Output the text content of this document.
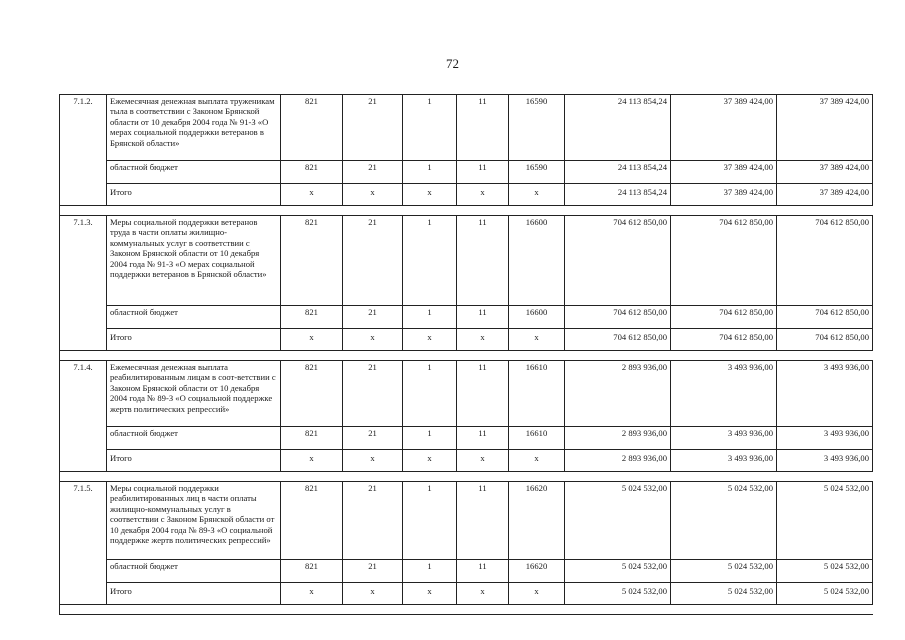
72
7.1.2.	Ежемесячная денежная выплата труженикам тыла в соответствии с Законом Брянской области от 10 декабря 2004 года № 91-З «О мерах социальной поддержки ветеранов в Брянской области»	821	21	1	11	16590	24 113 854,24	37 389 424,00	37 389 424,00
	областной бюджет	821	21	1	11	16590	24 113 854,24	37 389 424,00	37 389 424,00
	Итого	x	x	x	x	x	24 113 854,24	37 389 424,00	37 389 424,00

7.1.3.	Меры социальной поддержки ветеранов труда в части оплаты жилищно-коммунальных услуг в соответствии с Законом Брянской области от 10 декабря 2004 года № 91-З «О мерах социальной поддержки ветеранов в Брянской области»	821	21	1	11	16600	704 612 850,00	704 612 850,00	704 612 850,00
	областной бюджет	821	21	1	11	16600	704 612 850,00	704 612 850,00	704 612 850,00
	Итого	x	x	x	x	x	704 612 850,00	704 612 850,00	704 612 850,00

7.1.4.	Ежемесячная денежная выплата реабилитированным лицам в соот-ветствии с Законом Брянской области от 10 декабря 2004 года № 89-З «О социальной поддержке жертв политических репрессий»	821	21	1	11	16610	2 893 936,00	3 493 936,00	3 493 936,00
	областной бюджет	821	21	1	11	16610	2 893 936,00	3 493 936,00	3 493 936,00
	Итого	x	x	x	x	x	2 893 936,00	3 493 936,00	3 493 936,00

7.1.5.	Меры социальной поддержки реабилитированных лиц в части оплаты жилищно-коммунальных услуг в соответствии с Законом Брянской области от 10 декабря 2004 года № 89-З «О социальной поддержке жертв политических репрессий»	821	21	1	11	16620	5 024 532,00	5 024 532,00	5 024 532,00
	областной бюджет	821	21	1	11	16620	5 024 532,00	5 024 532,00	5 024 532,00
	Итого	x	x	x	x	x	5 024 532,00	5 024 532,00	5 024 532,00
